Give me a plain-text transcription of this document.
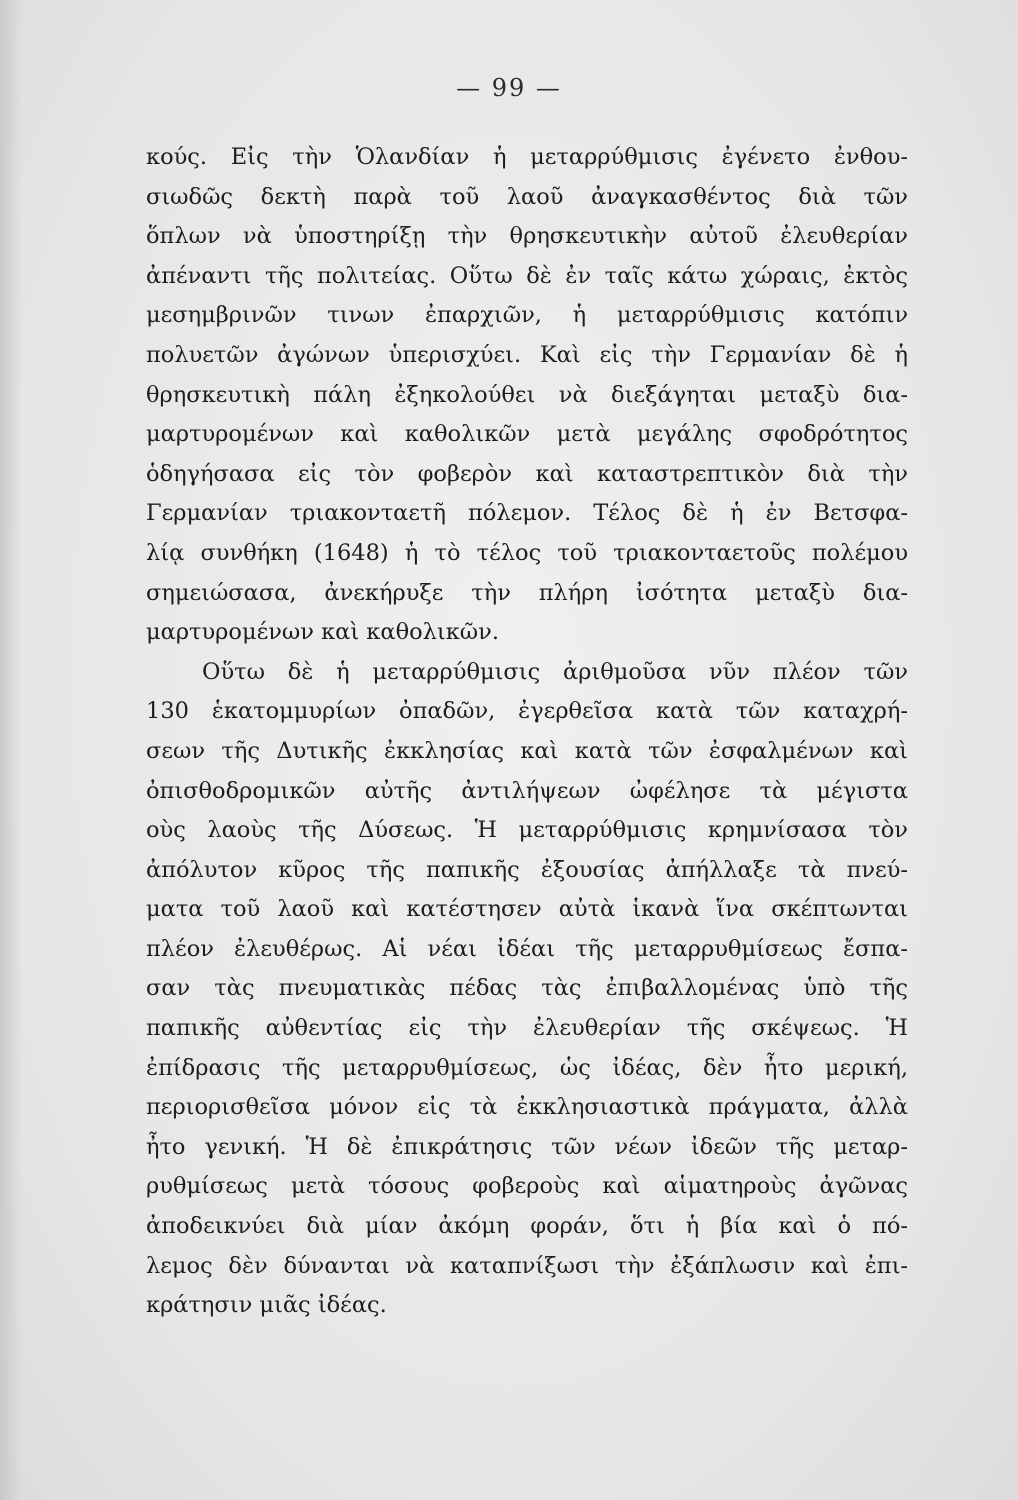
— 99 —
κούς. Εἰς τὴν Ὁλανδίαν ἡ μεταρρύθμισις ἐγένετο ἐνθου-
σιωδῶς δεκτὴ παρὰ τοῦ λαοῦ ἀναγκασθέντος διὰ τῶν
ὅπλων νὰ ὑποστηρίξῃ τὴν θρησκευτικὴν αὐτοῦ ἐλευθερίαν
ἀπέναντι τῆς πολιτείας. Οὕτω δὲ ἐν ταῖς κάτω χώραις, ἐκτὸς
μεσημβρινῶν τινων ἐπαρχιῶν, ἡ μεταρρύθμισις κατόπιν
πολυετῶν ἀγώνων ὑπερισχύει. Καὶ εἰς τὴν Γερμανίαν δὲ ἡ
θρησκευτικὴ πάλη ἐξηκολούθει νὰ διεξάγηται μεταξὺ δια-
μαρτυρομένων καὶ καθολικῶν μετὰ μεγάλης σφοδρότητος
ὁδηγήσασα εἰς τὸν φοβερὸν καὶ καταστρεπτικὸν διὰ τὴν
Γερμανίαν τριακονταετῆ πόλεμον. Τέλος δὲ ἡ ἐν Βετσφα-
λίᾳ συνθήκη (1648) ἡ τὸ τέλος τοῦ τριακονταετοῦς πολέμου
σημειώσασα, ἀνεκήρυξε τὴν πλήρη ἰσότητα μεταξὺ δια-
μαρτυρομένων καὶ καθολικῶν.
Οὕτω δὲ ἡ μεταρρύθμισις ἀριθμοῦσα νῦν πλέον τῶν
130 ἑκατομμυρίων ὀπαδῶν, ἐγερθεῖσα κατὰ τῶν καταχρή-
σεων τῆς Δυτικῆς ἐκκλησίας καὶ κατὰ τῶν ἐσφαλμένων καὶ
ὀπισθοδρομικῶν αὐτῆς ἀντιλήψεων ὠφέλησε τὰ μέγιστα
οὺς λαοὺς τῆς Δύσεως. Ἡ μεταρρύθμισις κρημνίσασα τὸν
ἀπόλυτον κῦρος τῆς παπικῆς ἐξουσίας ἀπήλλαξε τὰ πνεύ-
ματα τοῦ λαοῦ καὶ κατέστησεν αὐτὰ ἱκανὰ ἵνα σκέπτωνται
πλέον ἐλευθέρως. Αἱ νέαι ἰδέαι τῆς μεταρρυθμίσεως ἔσπα-
σαν τὰς πνευματικὰς πέδας τὰς ἐπιβαλλομένας ὑπὸ τῆς
παπικῆς αὐθεντίας εἰς τὴν ἐλευθερίαν τῆς σκέψεως. Ἡ
ἐπίδρασις τῆς μεταρρυθμίσεως, ὡς ἰδέας, δὲν ἦτο μερική,
περιορισθεῖσα μόνον εἰς τὰ ἐκκλησιαστικὰ πράγματα, ἀλλὰ
ἦτο γενική. Ἡ δὲ ἐπικράτησις τῶν νέων ἰδεῶν τῆς μεταρ-
ρυθμίσεως μετὰ τόσους φοβεροὺς καὶ αἱματηροὺς ἀγῶνας
ἀποδεικνύει διὰ μίαν ἀκόμη φοράν, ὅτι ἡ βία καὶ ὁ πό-
λεμος δὲν δύνανται νὰ καταπνίξωσι τὴν ἐξάπλωσιν καὶ ἐπι-
κράτησιν μιᾶς ἰδέας.
